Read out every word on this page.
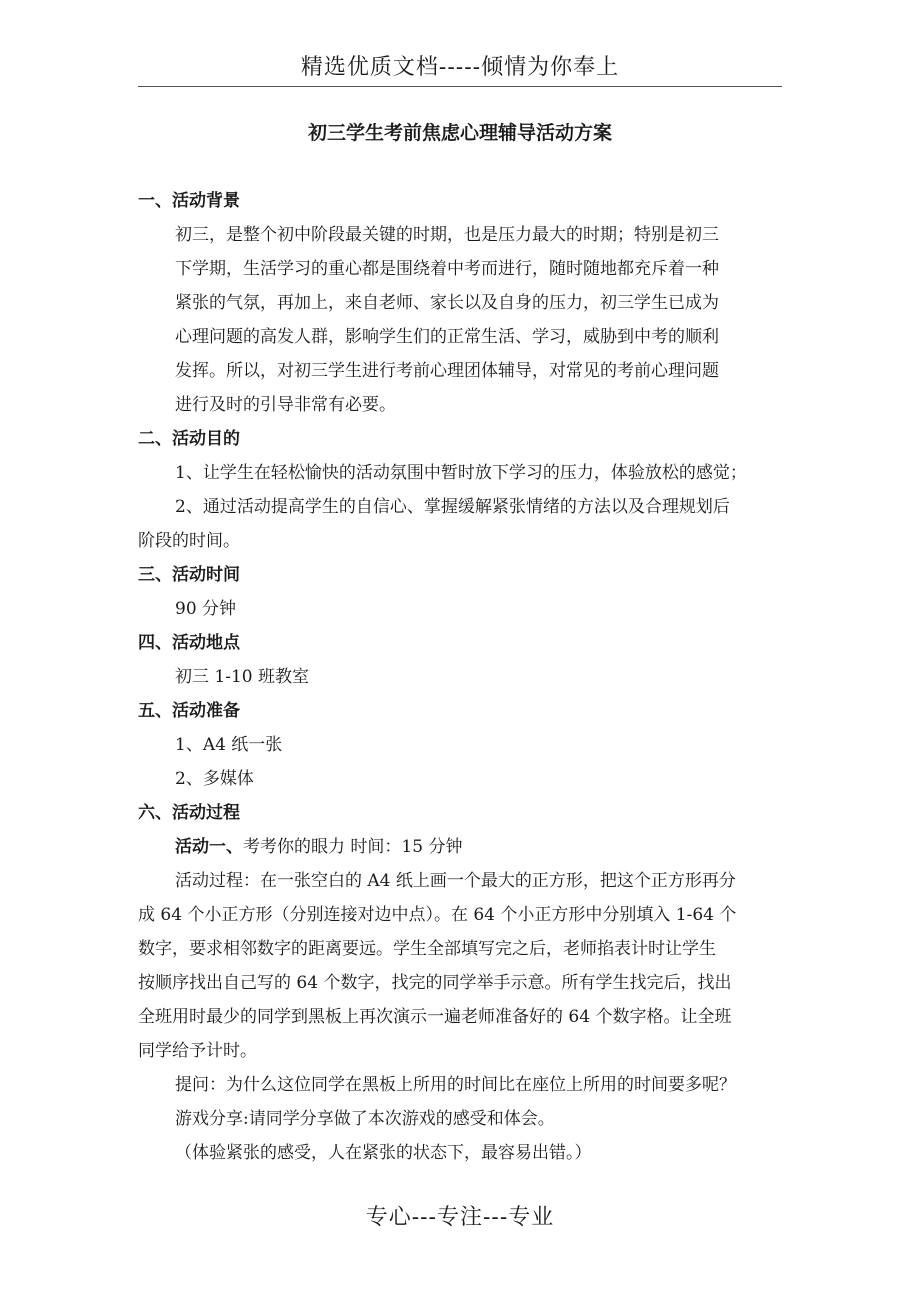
精选优质文档-----倾情为你奉上
初三学生考前焦虑心理辅导活动方案
一、活动背景
初三，是整个初中阶段最关键的时期，也是压力最大的时期；特别是初三
下学期，生活学习的重心都是围绕着中考而进行，随时随地都充斥着一种
紧张的气氛，再加上，来自老师、家长以及自身的压力，初三学生已成为
心理问题的高发人群，影响学生们的正常生活、学习，威胁到中考的顺利
发挥。所以，对初三学生进行考前心理团体辅导，对常见的考前心理问题
进行及时的引导非常有必要。
二、活动目的
1、让学生在轻松愉快的活动氛围中暂时放下学习的压力，体验放松的感觉；
2、通过活动提高学生的自信心、掌握缓解紧张情绪的方法以及合理规划后
阶段的时间。
三、活动时间
90 分钟
四、活动地点
初三 1-10 班教室
五、活动准备
1、A4 纸一张
2、多媒体
六、活动过程
活动一、考考你的眼力 时间：15 分钟
活动过程：在一张空白的 A4 纸上画一个最大的正方形，把这个正方形再分
成 64 个小正方形（分别连接对边中点）。在 64 个小正方形中分别填入 1-64 个
数字，要求相邻数字的距离要远。学生全部填写完之后，老师掐表计时让学生
按顺序找出自己写的 64 个数字，找完的同学举手示意。所有学生找完后，找出
全班用时最少的同学到黑板上再次演示一遍老师准备好的 64 个数字格。让全班
同学给予计时。
提问：为什么这位同学在黑板上所用的时间比在座位上所用的时间要多呢？
游戏分享:请同学分享做了本次游戏的感受和体会。
（体验紧张的感受，人在紧张的状态下，最容易出错。）
专心---专注---专业
